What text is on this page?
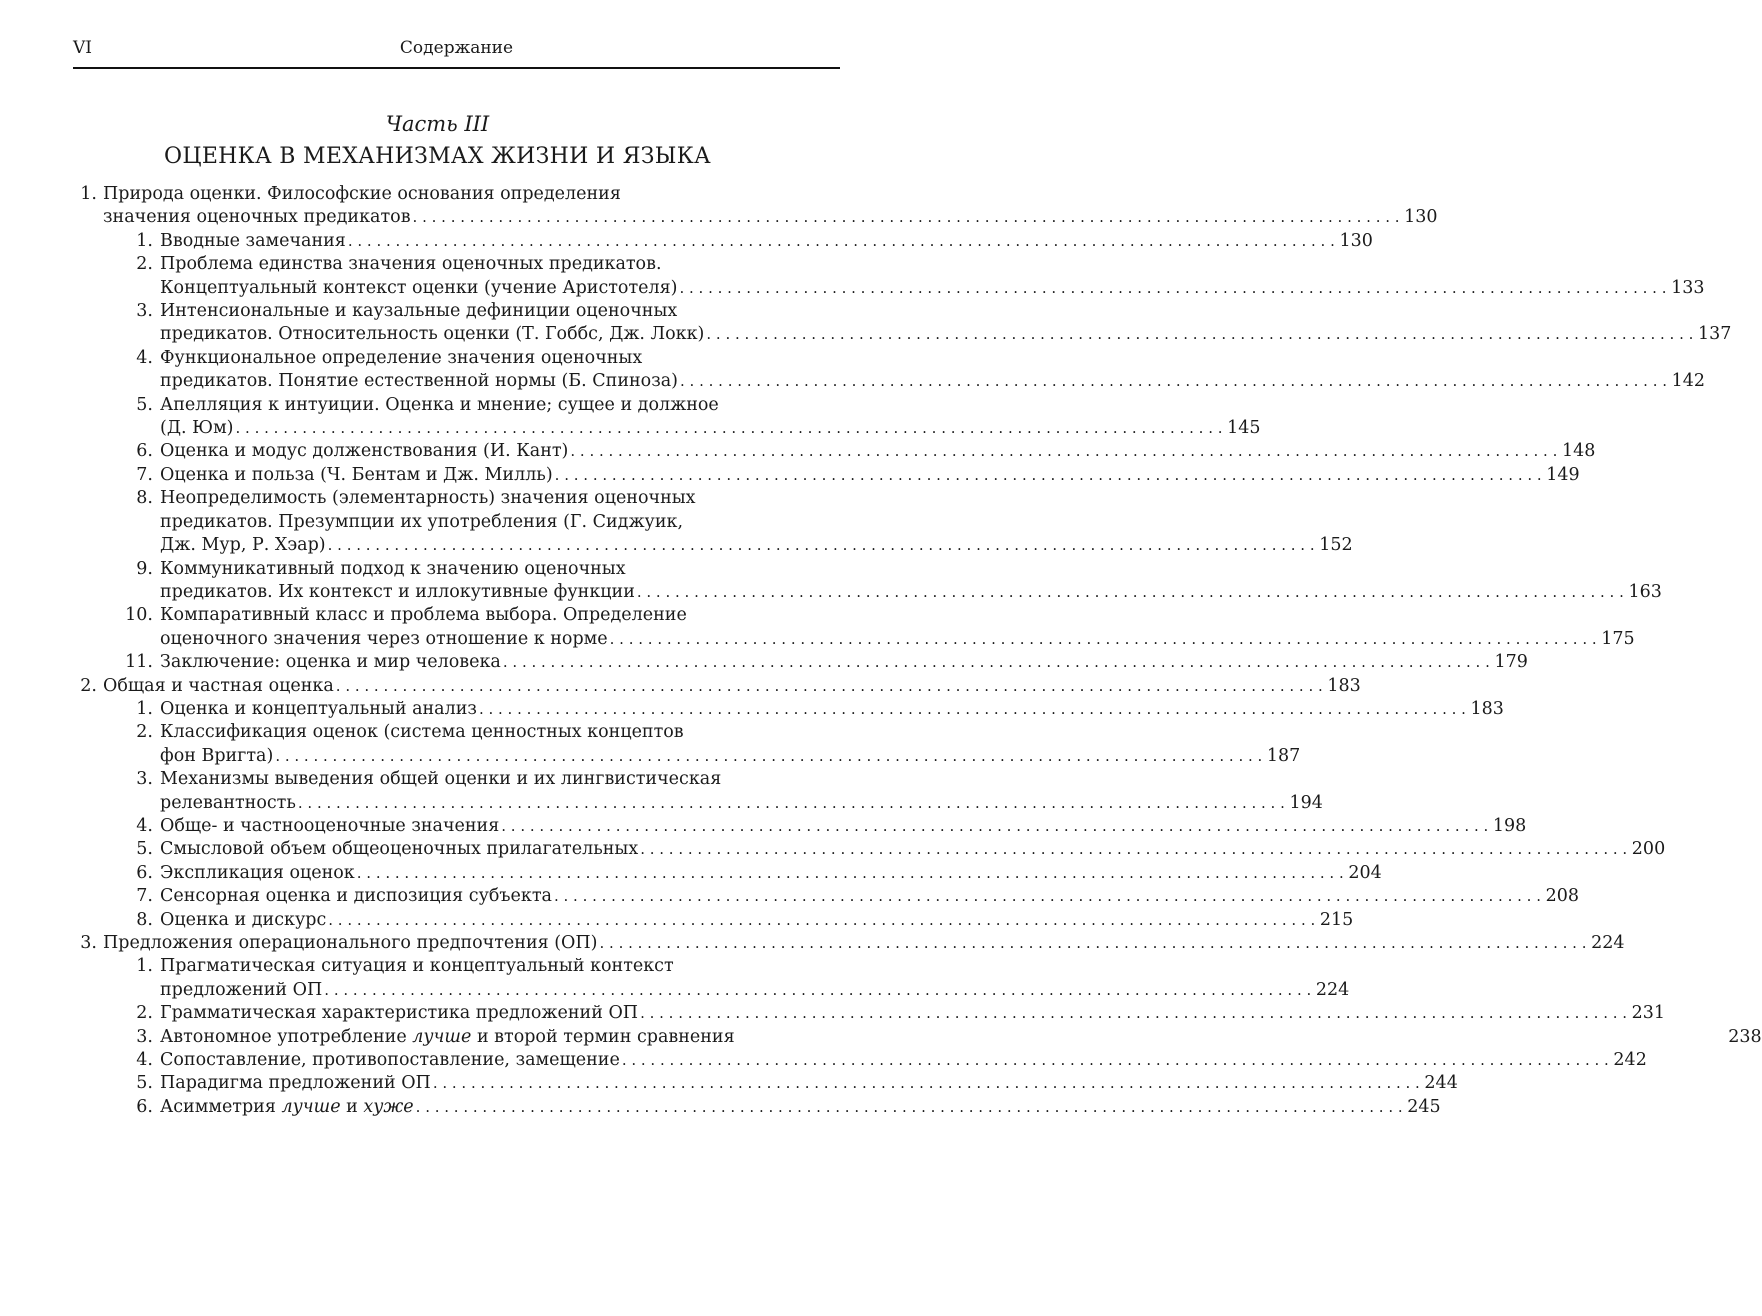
VI	Содержание
Часть III
ОЦЕНКА В МЕХАНИЗМАХ ЖИЗНИ И ЯЗЫКА
1. Природа оценки. Философские основания определения
значения оценочных предикатов . . .	130
1. Вводные замечания . . .	130
2. Проблема единства значения оценочных предикатов.
Концептуальный контекст оценки (учение Аристотеля) . . .	133
3. Интенсиональные и каузальные дефиниции оценочных
предикатов. Относительность оценки (Т. Гоббс, Дж. Локк) . . .	137
4. Функциональное определение значения оценочных
предикатов. Понятие естественной нормы (Б. Спиноза) . . .	142
5. Апелляция к интуиции. Оценка и мнение; сущее и должное
(Д. Юм) . . .	145
6. Оценка и модус долженствования (И. Кант) . . .	148
7. Оценка и польза (Ч. Бентам и Дж. Милль) . . .	149
8. Неопределимость (элементарность) значения оценочных
предикатов. Презумпции их употребления (Г. Сиджуик,
Дж. Мур, Р. Хэар) . . .	152
9. Коммуникативный подход к значению оценочных
предикатов. Их контекст и иллокутивные функции . . .	163
10. Компаративный класс и проблема выбора. Определение
оценочного значения через отношение к норме . . .	175
11. Заключение: оценка и мир человека . . .	179
2. Общая и частная оценка . . .	183
1. Оценка и концептуальный анализ . . .	183
2. Классификация оценок (система ценностных концептов
фон Вригта) . . .	187
3. Механизмы выведения общей оценки и их лингвистическая
релевантность . . .	194
4. Обще- и частнооценочные значения . . .	198
5. Смысловой объем общеоценочных прилагательных . . .	200
6. Экспликация оценок . . .	204
7. Сенсорная оценка и диспозиция субъекта . . .	208
8. Оценка и дискурс . . .	215
3. Предложения операционального предпочтения (ОП) . . .	224
1. Прагматическая ситуация и концептуальный контекст
предложений ОП . . .	224
2. Грамматическая характеристика предложений ОП . . .	231
3. Автономное употребление лучше и второй термин сравнения	238
4. Сопоставление, противопоставление, замещение . . .	242
5. Парадигма предложений ОП . . .	244
6. Асимметрия лучше и хуже . . .	245
